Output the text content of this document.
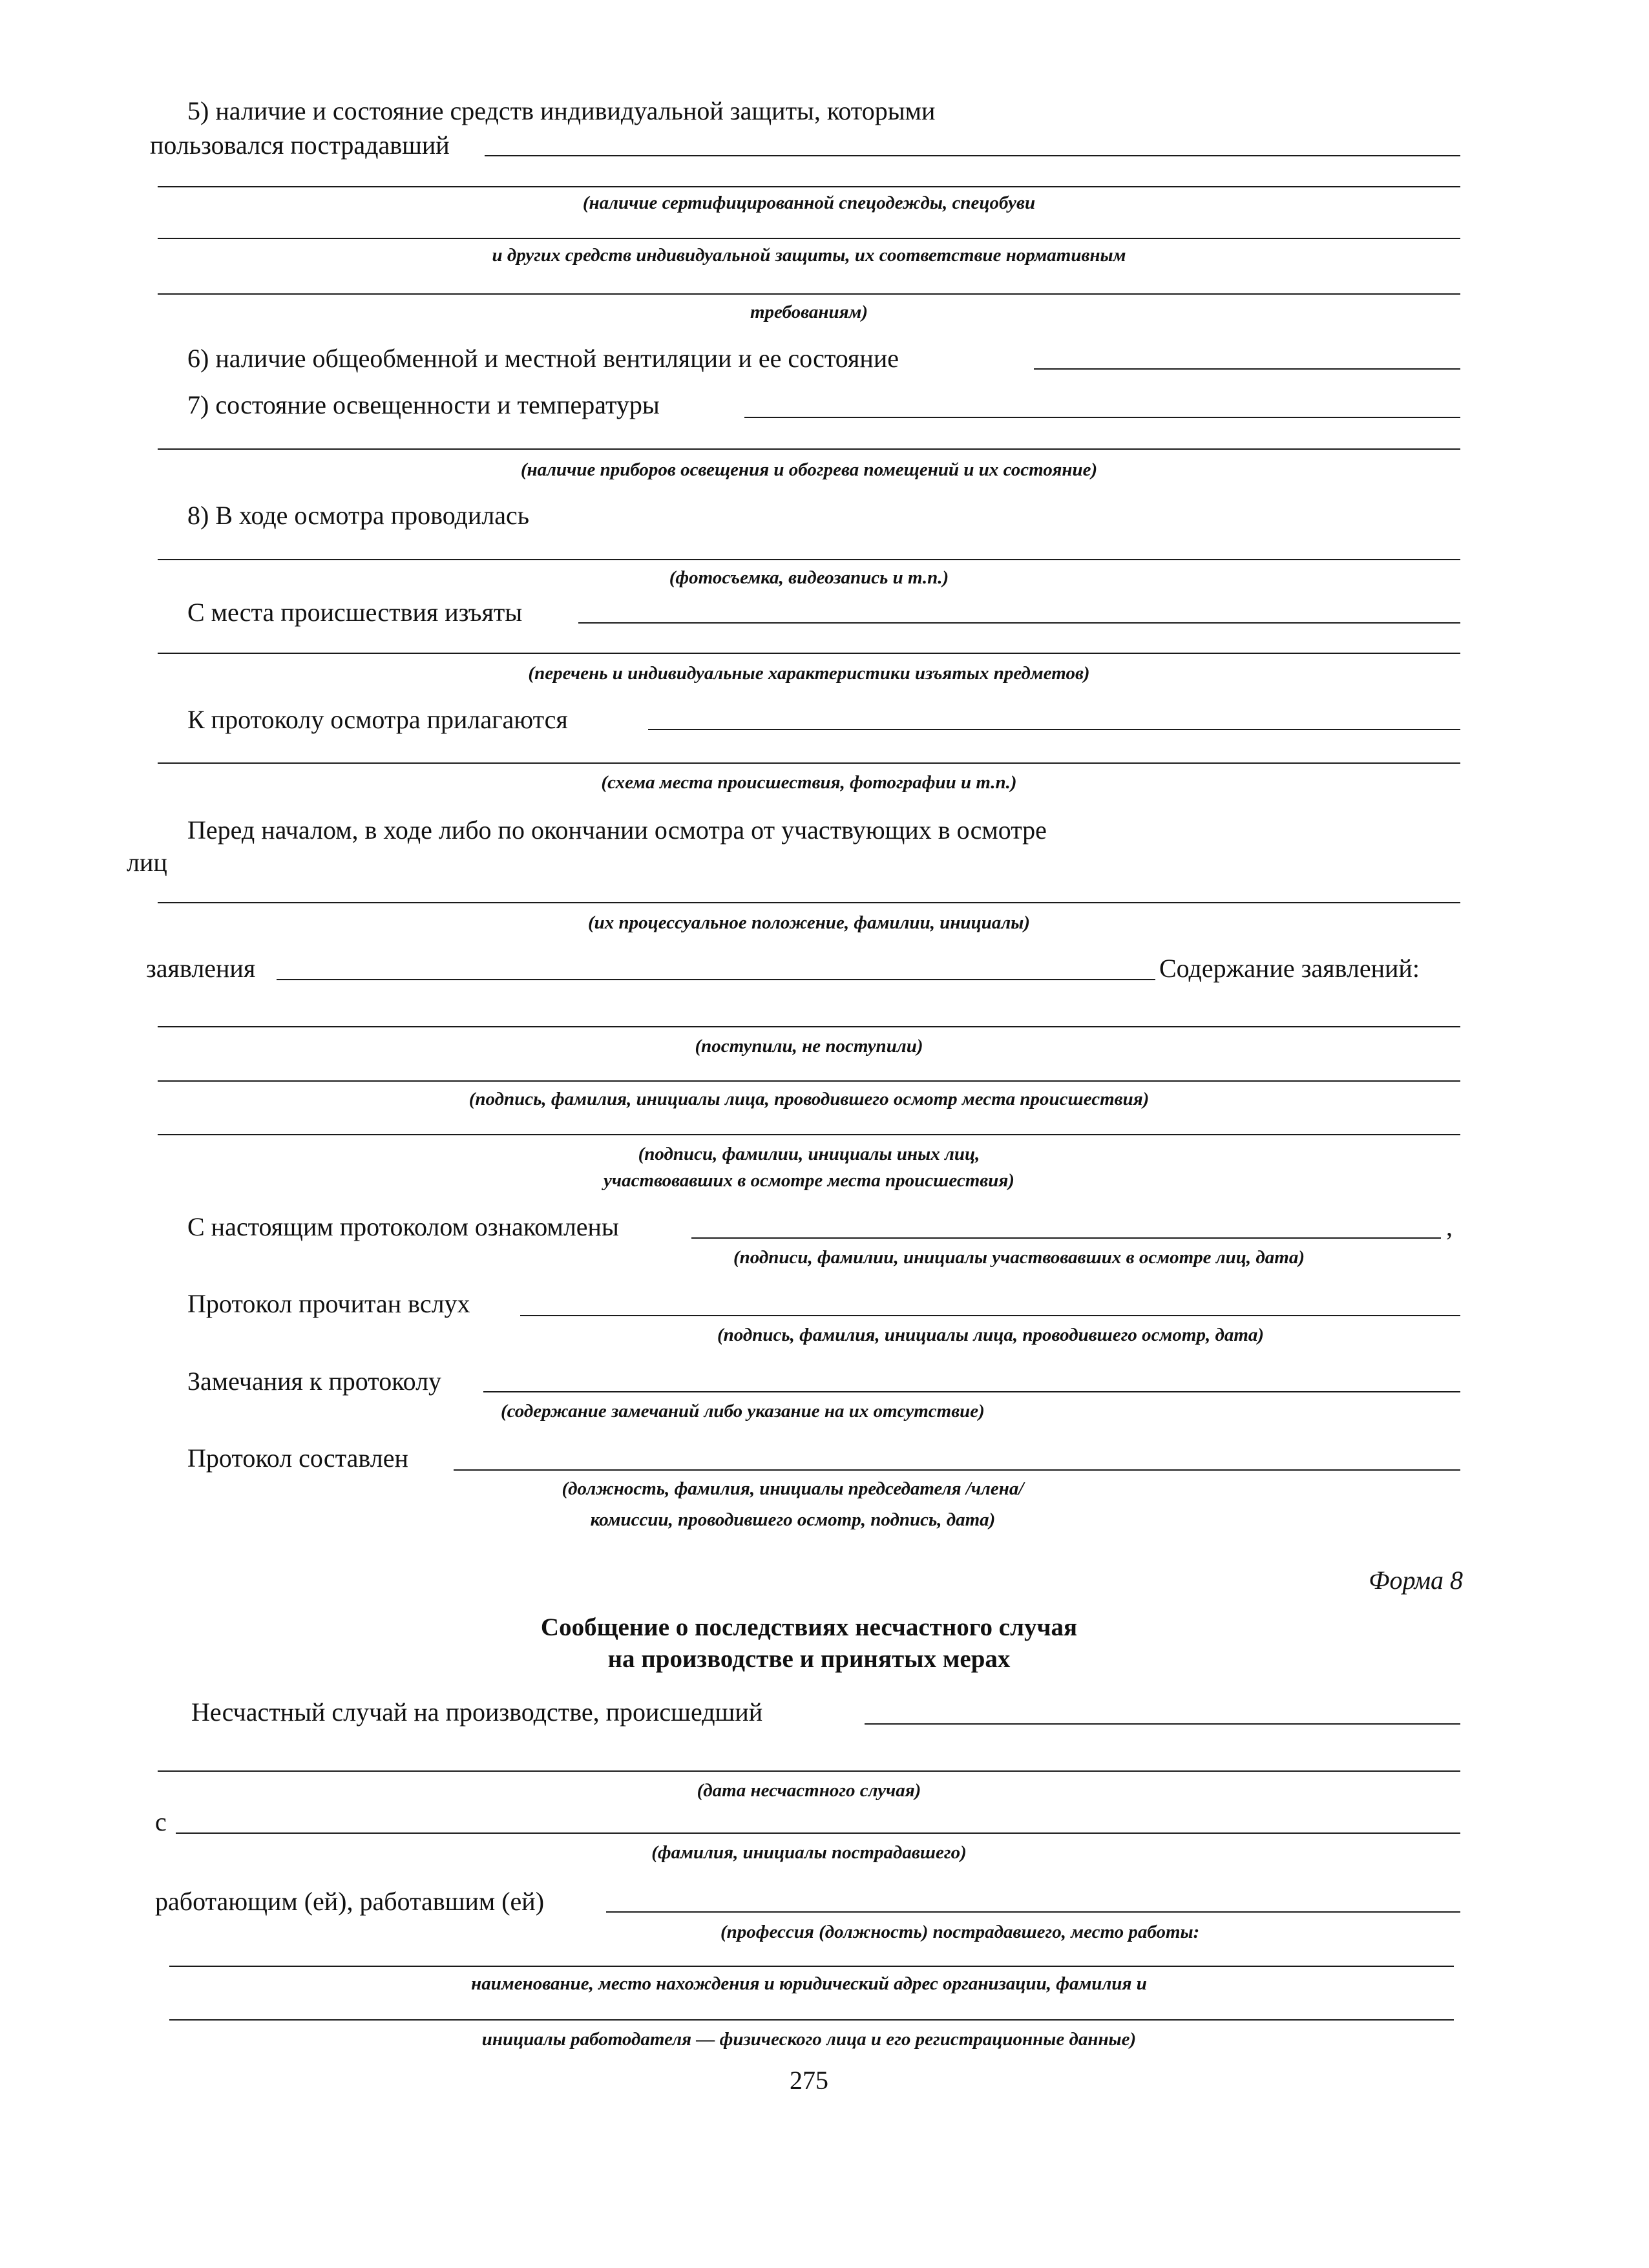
5) наличие и состояние средств индивидуальной защиты, которыми
пользовался пострадавший
(наличие сертифицированной спецодежды, спецобуви
и других средств индивидуальной защиты, их соответствие нормативным
требованиям)
6) наличие общеобменной и местной вентиляции и ее состояние
7) состояние освещенности и температуры
(наличие приборов освещения и обогрева помещений и их состояние)
8) В ходе осмотра проводилась
(фотосъемка, видеозапись и т.п.)
С места происшествия изъяты
(перечень и индивидуальные характеристики изъятых предметов)
К протоколу осмотра прилагаются
(схема места происшествия, фотографии и т.п.)
Перед началом, в ходе либо по окончании осмотра от участвующих в осмотре
лиц
(их процессуальное положение, фамилии, инициалы)
заявления	Содержание заявлений:
(поступили, не поступили)
(подпись, фамилия, инициалы лица, проводившего осмотр места происшествия)
(подписи, фамилии, инициалы иных лиц,
участвовавших в осмотре места происшествия)
С настоящим протоколом ознакомлены	,
(подписи, фамилии, инициалы участвовавших в осмотре лиц, дата)
Протокол прочитан вслух
(подпись, фамилия, инициалы лица, проводившего осмотр, дата)
Замечания к протоколу
(содержание замечаний либо указание на их отсутствие)
Протокол составлен
(должность, фамилия, инициалы председателя /члена/
комиссии, проводившего осмотр, подпись, дата)
Форма 8
Сообщение о последствиях несчастного случая
на производстве и принятых мерах
Несчастный случай на производстве, происшедший
(дата несчастного случая)
с
(фамилия, инициалы пострадавшего)
работающим (ей), работавшим (ей)
(профессия (должность) пострадавшего, место работы:
наименование, место нахождения и юридический адрес организации, фамилия и
инициалы работодателя — физического лица и его регистрационные данные)
275
